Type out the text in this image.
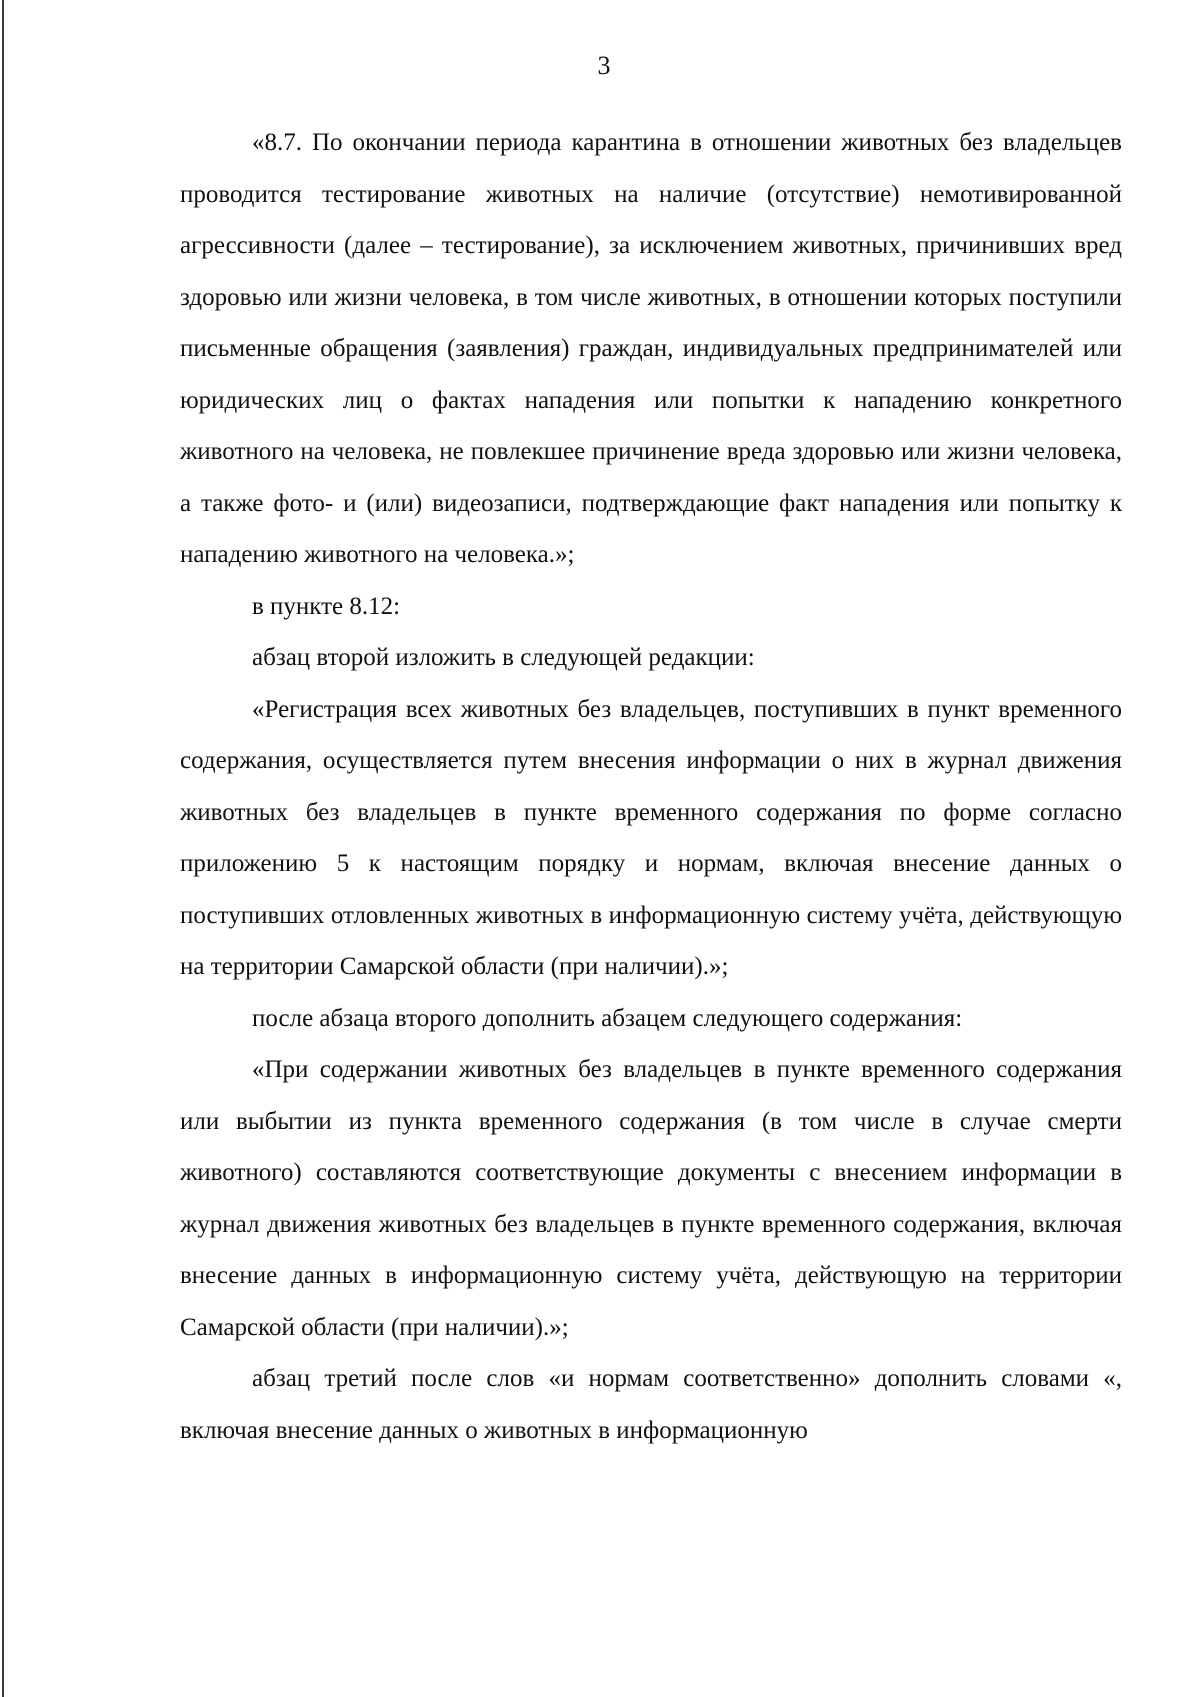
3

«8.7. По окончании периода карантина в отношении животных без владельцев проводится тестирование животных на наличие (отсутствие) немотивированной агрессивности (далее – тестирование), за исключением животных, причинивших вред здоровью или жизни человека, в том числе животных, в отношении которых поступили письменные обращения (заявления) граждан, индивидуальных предпринимателей или юридических лиц о фактах нападения или попытки к нападению конкретного животного на человека, не повлекшее причинение вреда здоровью или жизни человека, а также фото- и (или) видеозаписи, подтверждающие факт нападения или попытку к нападению животного на человека.»;

в пункте 8.12:

абзац второй изложить в следующей редакции:

«Регистрация всех животных без владельцев, поступивших в пункт временного содержания, осуществляется путем внесения информации о них в журнал движения животных без владельцев в пункте временного содержания по форме согласно приложению 5 к настоящим порядку и нормам, включая внесение данных о поступивших отловленных животных в информационную систему учёта, действующую на территории Самарской области (при наличии).»;

после абзаца второго дополнить абзацем следующего содержания:

«При содержании животных без владельцев в пункте временного содержания или выбытии из пункта временного содержания (в том числе в случае смерти животного) составляются соответствующие документы с внесением информации в журнал движения животных без владельцев в пункте временного содержания, включая внесение данных в информационную систему учёта, действующую на территории Самарской области (при наличии).»;

абзац третий после слов «и нормам соответственно» дополнить словами «, включая внесение данных о животных в информационную
